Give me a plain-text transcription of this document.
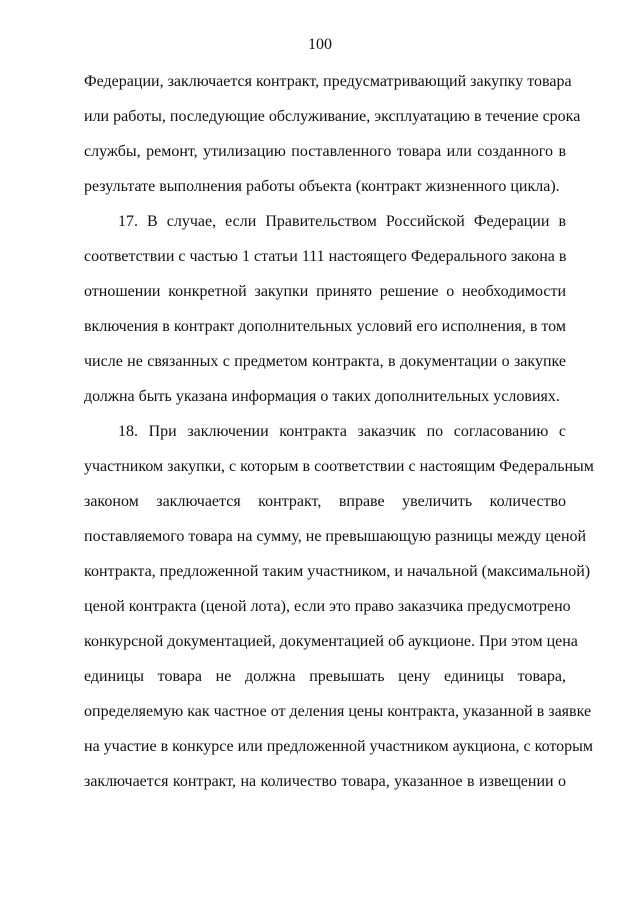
100
Федерации, заключается контракт, предусматривающий закупку товара
или работы, последующие обслуживание, эксплуатацию в течение срока
службы, ремонт, утилизацию поставленного товара или созданного в
результате выполнения работы объекта (контракт жизненного цикла).
17. В случае, если Правительством Российской Федерации в
соответствии с частью 1 статьи 111 настоящего Федерального закона в
отношении конкретной закупки принято решение о необходимости
включения в контракт дополнительных условий его исполнения, в том
числе не связанных с предметом контракта, в документации о закупке
должна быть указана информация о таких дополнительных условиях.
18. При заключении контракта заказчик по согласованию с
участником закупки, с которым в соответствии с настоящим Федеральным
законом заключается контракт, вправе увеличить количество
поставляемого товара на сумму, не превышающую разницы между ценой
контракта, предложенной таким участником, и начальной (максимальной)
ценой контракта (ценой лота), если это право заказчика предусмотрено
конкурсной документацией, документацией об аукционе. При этом цена
единицы товара не должна превышать цену единицы товара,
определяемую как частное от деления цены контракта, указанной в заявке
на участие в конкурсе или предложенной участником аукциона, с которым
заключается контракт, на количество товара, указанное в извещении о
